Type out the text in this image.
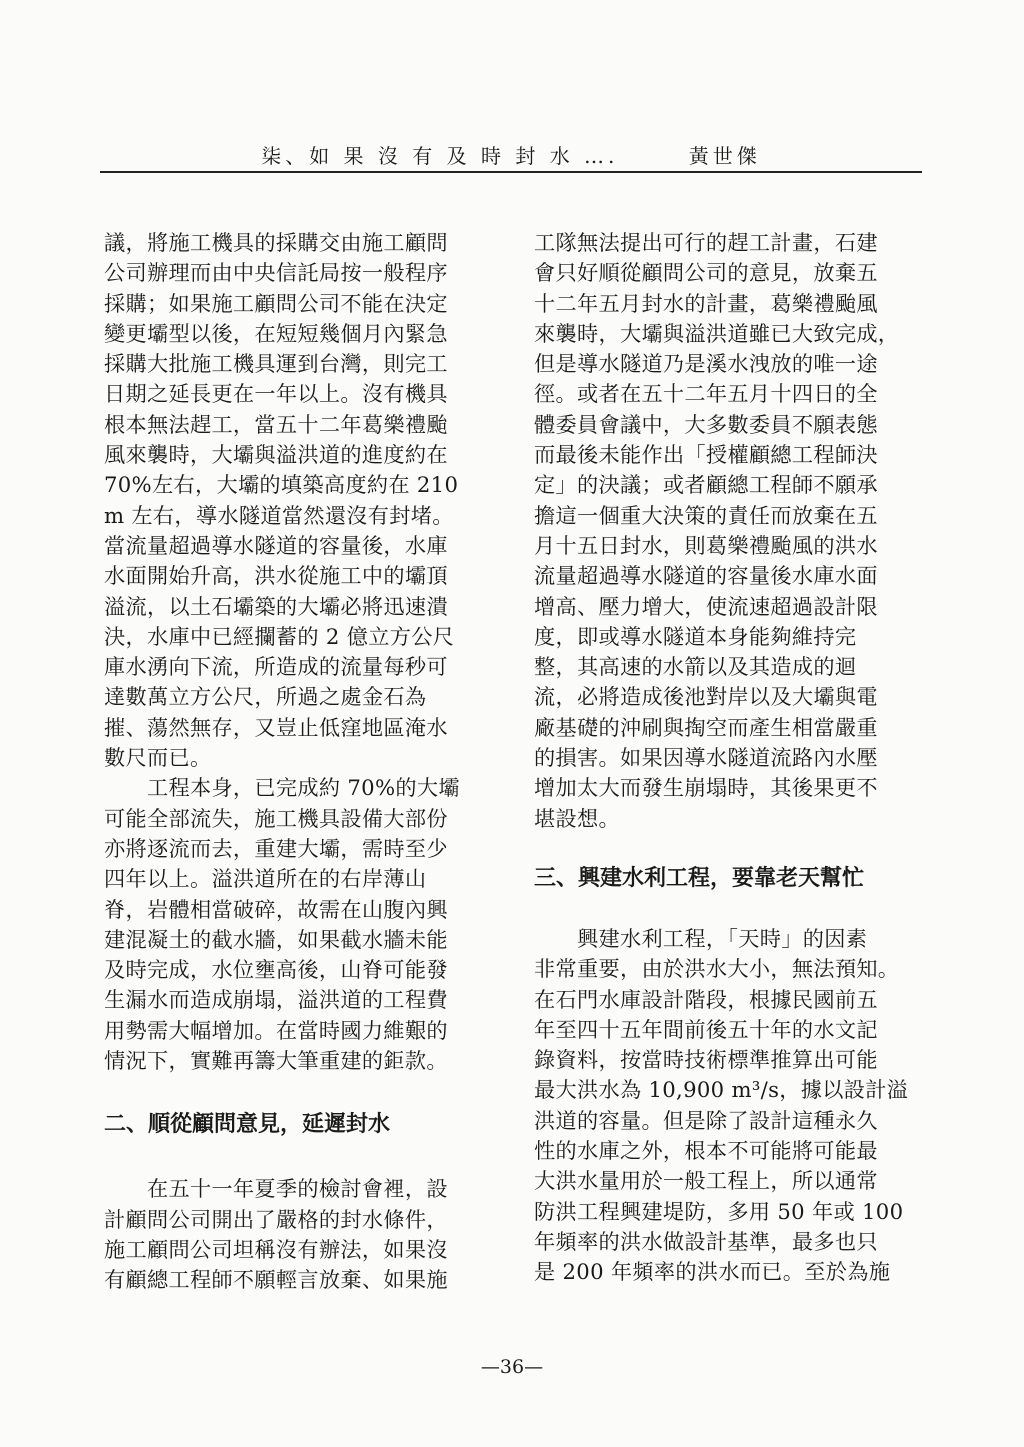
柒、如 果 沒 有 及 時 封 水 ….	黃世傑
議，將施工機具的採購交由施工顧問
公司辦理而由中央信託局按一般程序
採購；如果施工顧問公司不能在決定
變更壩型以後，在短短幾個月內緊急
採購大批施工機具運到台灣，則完工
日期之延長更在一年以上。沒有機具
根本無法趕工，當五十二年葛樂禮颱
風來襲時，大壩與溢洪道的進度約在
70%左右，大壩的填築高度約在 210
m 左右，導水隧道當然還沒有封堵。
當流量超過導水隧道的容量後，水庫
水面開始升高，洪水從施工中的壩頂
溢流，以土石壩築的大壩必將迅速潰
決，水庫中已經攔蓄的 2 億立方公尺
庫水湧向下流，所造成的流量每秒可
達數萬立方公尺，所過之處金石為
摧、蕩然無存，又豈止低窪地區淹水
數尺而已。
　　工程本身，已完成約 70%的大壩
可能全部流失，施工機具設備大部份
亦將逐流而去，重建大壩，需時至少
四年以上。溢洪道所在的右岸薄山
脊，岩體相當破碎，故需在山腹內興
建混凝土的截水牆，如果截水牆未能
及時完成，水位壅高後，山脊可能發
生漏水而造成崩塌，溢洪道的工程費
用勢需大幅增加。在當時國力維艱的
情況下，實難再籌大筆重建的鉅款。
二、順從顧問意見，延遲封水
　　在五十一年夏季的檢討會裡，設
計顧問公司開出了嚴格的封水條件，
施工顧問公司坦稱沒有辦法，如果沒
有顧總工程師不願輕言放棄、如果施
工隊無法提出可行的趕工計畫，石建
會只好順從顧問公司的意見，放棄五
十二年五月封水的計畫，葛樂禮颱風
來襲時，大壩與溢洪道雖已大致完成，
但是導水隧道乃是溪水洩放的唯一途
徑。或者在五十二年五月十四日的全
體委員會議中，大多數委員不願表態
而最後未能作出「授權顧總工程師決
定」的決議；或者顧總工程師不願承
擔這一個重大決策的責任而放棄在五
月十五日封水，則葛樂禮颱風的洪水
流量超過導水隧道的容量後水庫水面
增高、壓力增大，使流速超過設計限
度，即或導水隧道本身能夠維持完
整，其高速的水箭以及其造成的迴
流，必將造成後池對岸以及大壩與電
廠基礎的沖刷與掏空而產生相當嚴重
的損害。如果因導水隧道流路內水壓
增加太大而發生崩塌時，其後果更不
堪設想。
三、興建水利工程，要靠老天幫忙
　　興建水利工程，「天時」的因素
非常重要，由於洪水大小，無法預知。
在石門水庫設計階段，根據民國前五
年至四十五年間前後五十年的水文記
錄資料，按當時技術標準推算出可能
最大洪水為 10,900 m³/s，據以設計溢
洪道的容量。但是除了設計這種永久
性的水庫之外，根本不可能將可能最
大洪水量用於一般工程上，所以通常
防洪工程興建堤防，多用 50 年或 100
年頻率的洪水做設計基準，最多也只
是 200 年頻率的洪水而已。至於為施
—36—
